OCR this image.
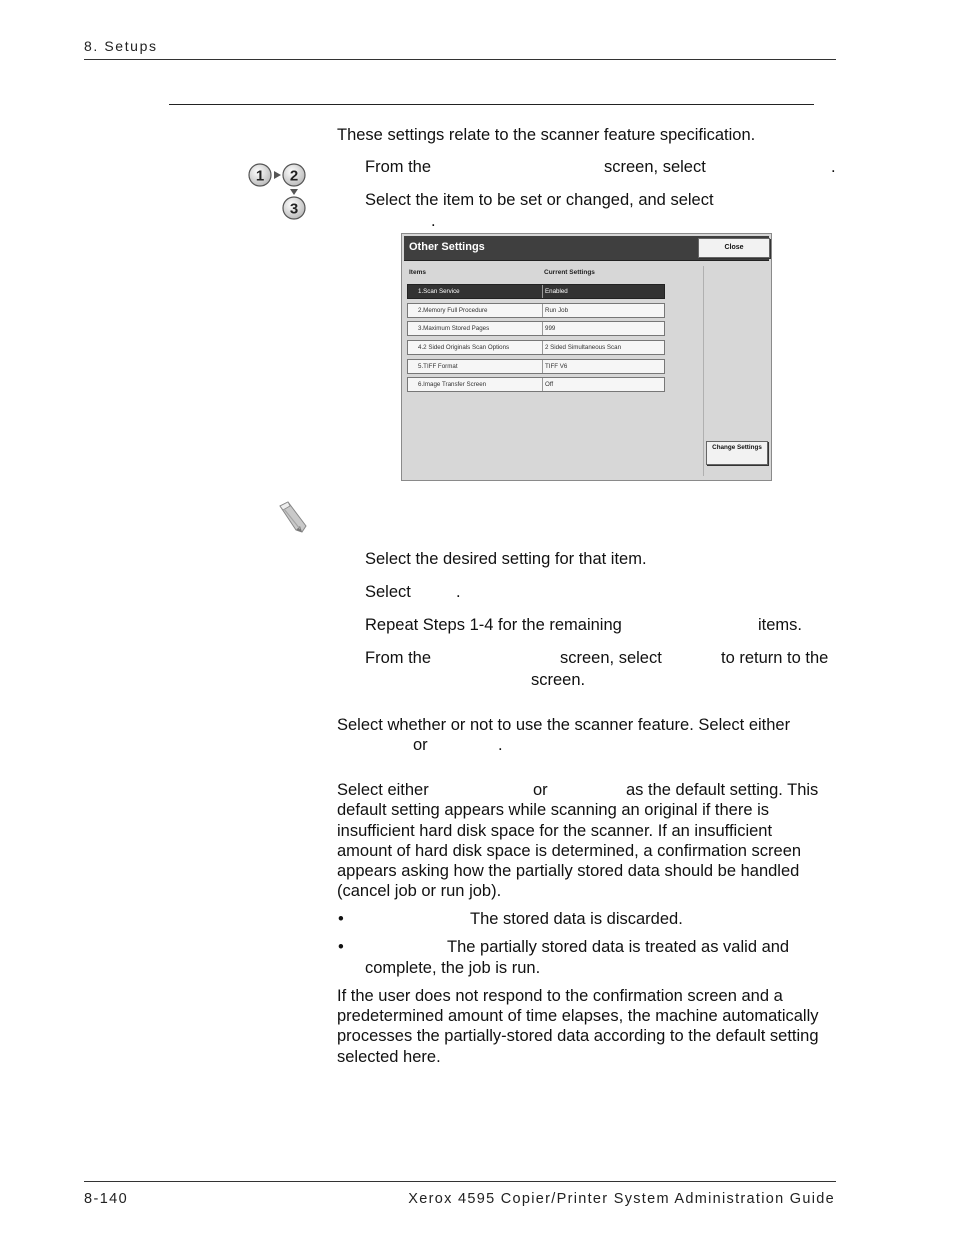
8. Setups
These settings relate to the scanner feature specification.
1 2
3
From the	screen, select	.
Select the item to be set or changed, and select
.
Other Settings	Close
Items	Current Settings
1.Scan Service	Enabled
2.Memory Full Procedure	Run Job
3.Maximum Stored Pages	999
4.2 Sided Originals Scan Options	2 Sided Simultaneous Scan
5.TIFF Format	TIFF V6
6.Image Transfer Screen	Off
Change Settings
Select the desired setting for that item.
Select	.
Repeat Steps 1-4 for the remaining	items.
From the	screen, select	to return to the
screen.
Select whether or not to use the scanner feature. Select either
or	.
Select either	or	as the default setting. This
default setting appears while scanning an original if there is
insufficient hard disk space for the scanner. If an insufficient
amount of hard disk space is determined, a confirmation screen
appears asking how the partially stored data should be handled
(cancel job or run job).
•	The stored data is discarded.
•	The partially stored data is treated as valid and
complete, the job is run.
If the user does not respond to the confirmation screen and a
predetermined amount of time elapses, the machine automatically
processes the partially-stored data according to the default setting
selected here.
8-140	Xerox 4595 Copier/Printer System Administration Guide
